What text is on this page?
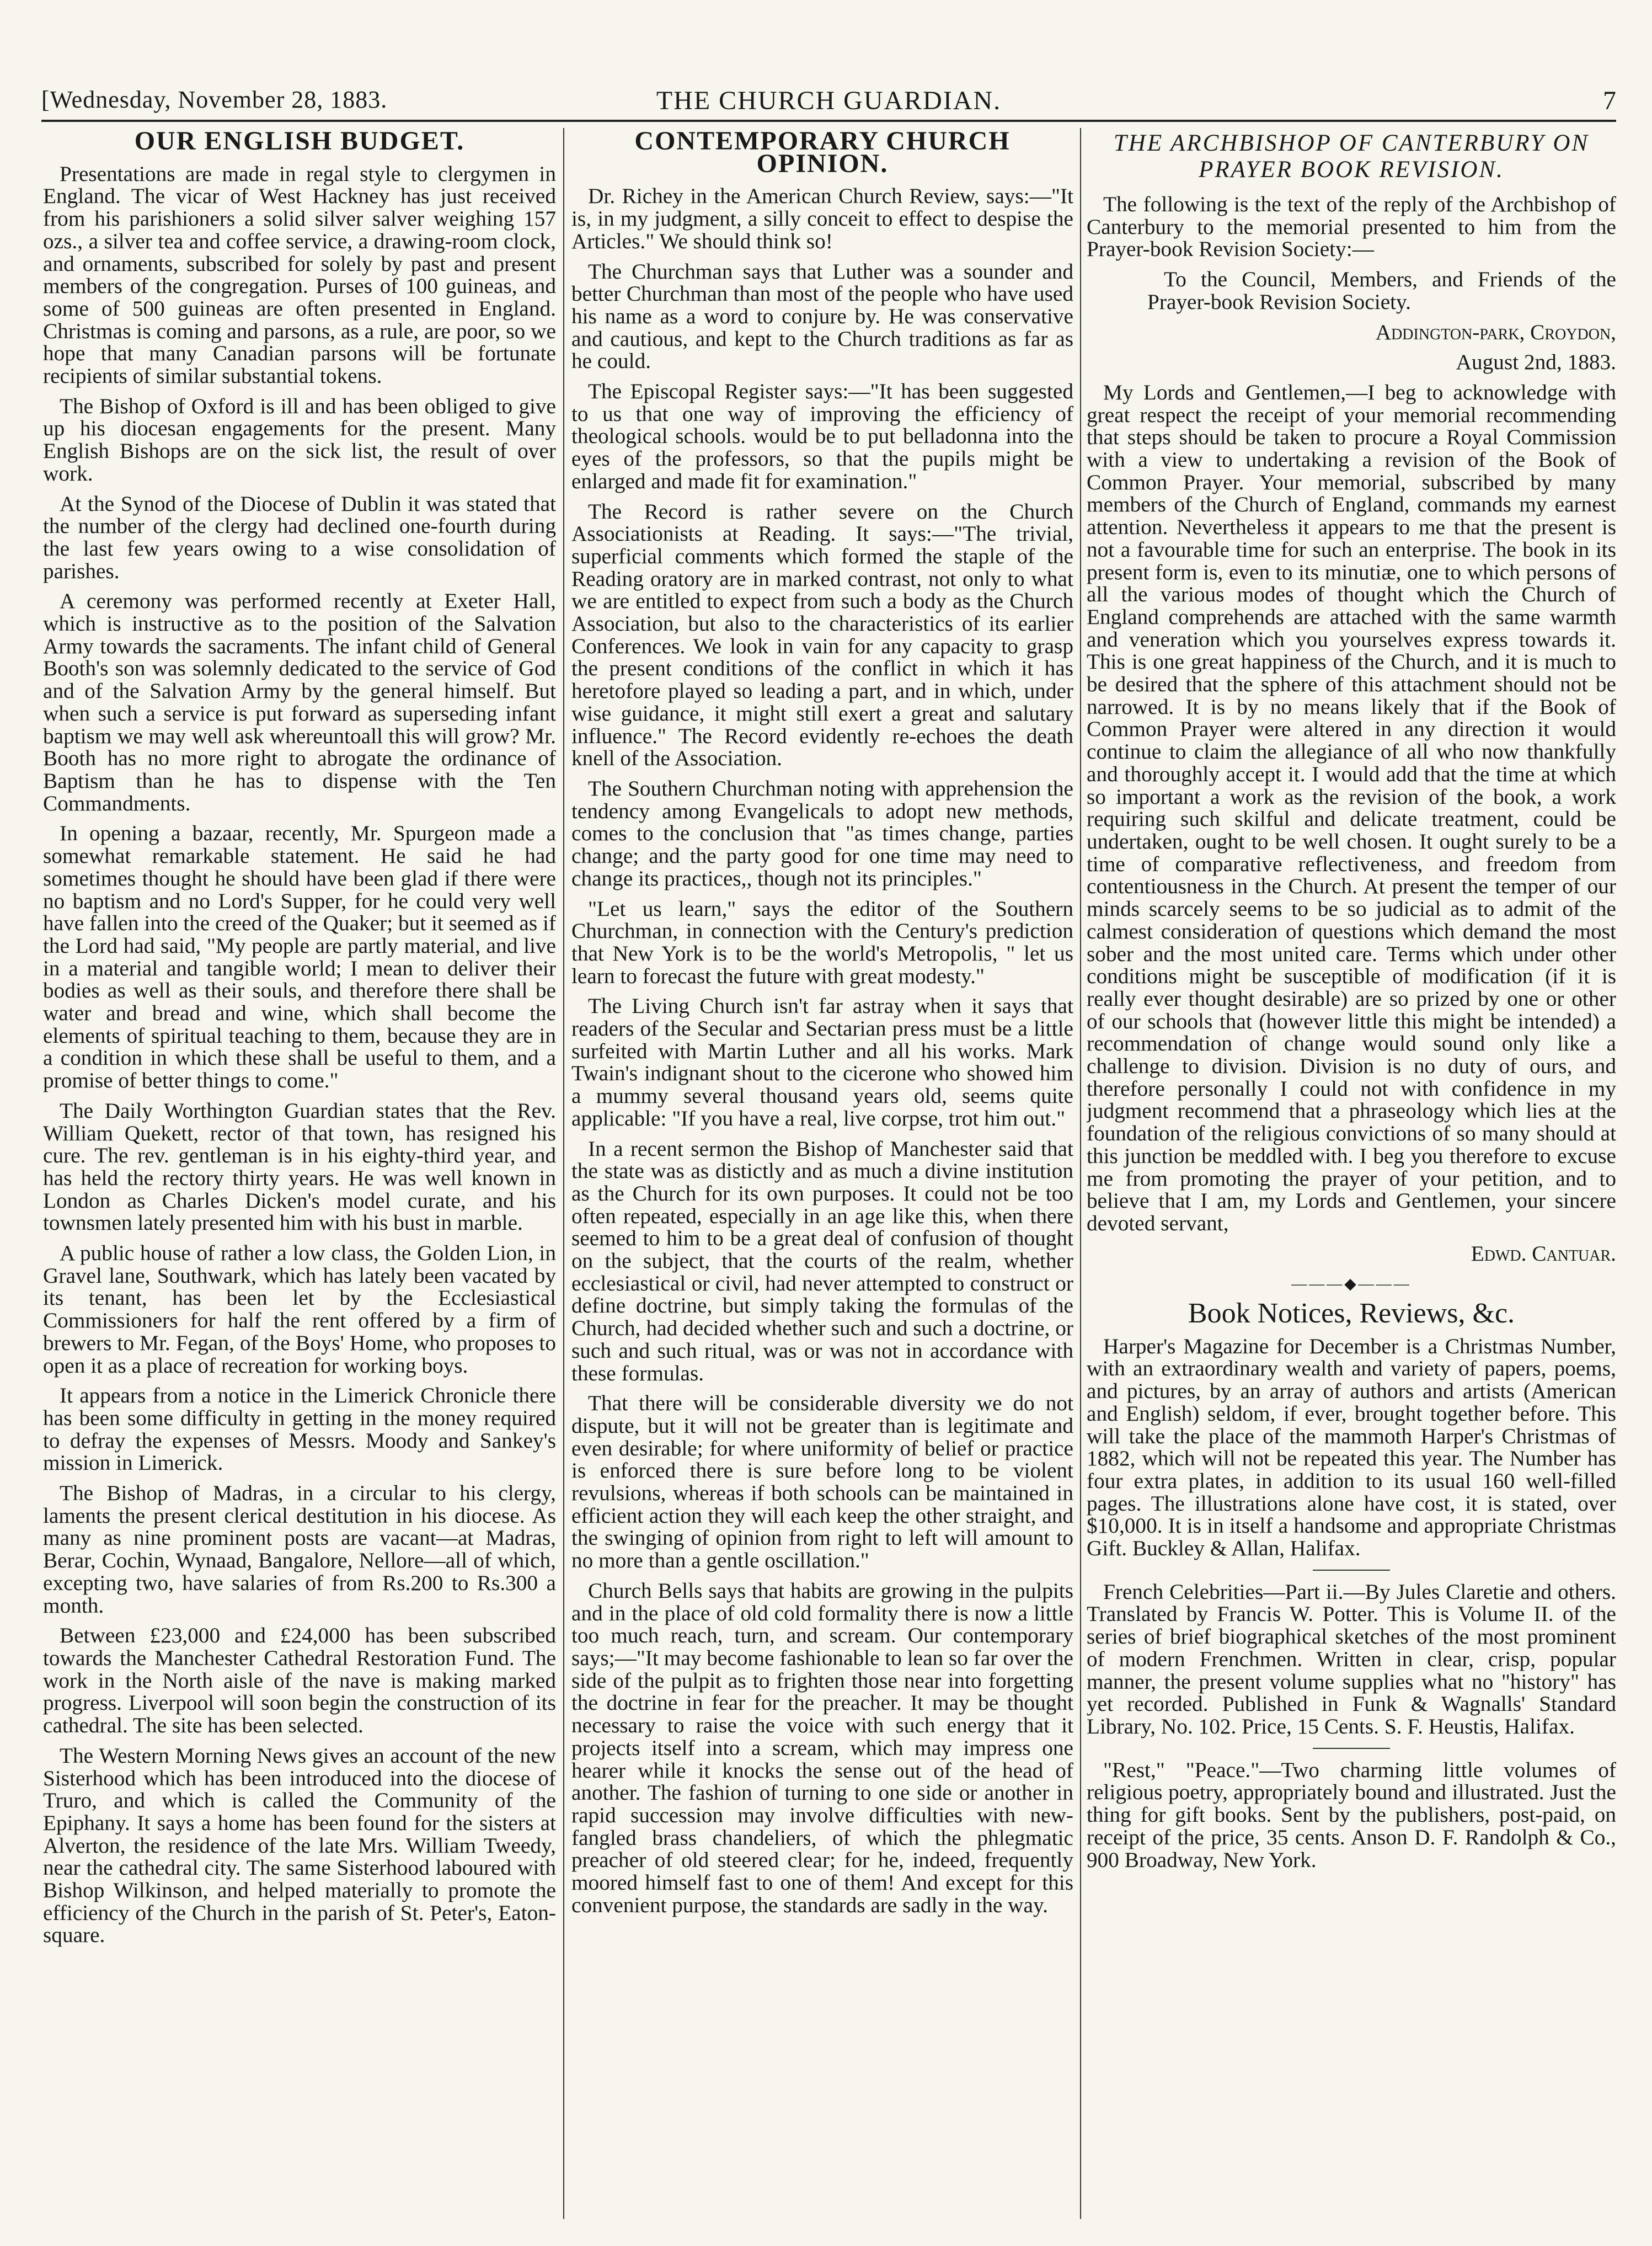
[Wednesday, November 28, 1883.	THE CHURCH GUARDIAN.	7
OUR ENGLISH BUDGET.

Presentations are made in regal style to clergymen in England. The vicar of West Hackney has just received from his parishioners a solid silver salver weighing 157 ozs., a silver tea and coffee service, a drawing-room clock, and ornaments, subscribed for solely by past and present members of the congregation. Purses of 100 guineas, and some of 500 guineas are often presented in England. Christmas is coming and parsons, as a rule, are poor, so we hope that many Canadian parsons will be fortunate recipients of similar substantial tokens.

The Bishop of Oxford is ill and has been obliged to give up his diocesan engagements for the present. Many English Bishops are on the sick list, the result of over work.

At the Synod of the Diocese of Dublin it was stated that the number of the clergy had declined one-fourth during the last few years owing to a wise consolidation of parishes.

A ceremony was performed recently at Exeter Hall, which is instructive as to the position of the Salvation Army towards the sacraments. The infant child of General Booth's son was solemnly dedicated to the service of God and of the Salvation Army by the general himself. But when such a service is put forward as superseding infant baptism we may well ask whereuntoall this will grow? Mr. Booth has no more right to abrogate the ordinance of Baptism than he has to dispense with the Ten Commandments.

In opening a bazaar, recently, Mr. Spurgeon made a somewhat remarkable statement. He said he had sometimes thought he should have been glad if there were no baptism and no Lord's Supper, for he could very well have fallen into the creed of the Quaker; but it seemed as if the Lord had said, "My people are partly material, and live in a material and tangible world; I mean to deliver their bodies as well as their souls, and therefore there shall be water and bread and wine, which shall become the elements of spiritual teaching to them, because they are in a condition in which these shall be useful to them, and a promise of better things to come."

The Daily Worthington Guardian states that the Rev. William Quekett, rector of that town, has resigned his cure. The rev. gentleman is in his eighty-third year, and has held the rectory thirty years. He was well known in London as Charles Dicken's model curate, and his townsmen lately presented him with his bust in marble.

A public house of rather a low class, the Golden Lion, in Gravel lane, Southwark, which has lately been vacated by its tenant, has been let by the Ecclesiastical Commissioners for half the rent offered by a firm of brewers to Mr. Fegan, of the Boys' Home, who proposes to open it as a place of recreation for working boys.

It appears from a notice in the Limerick Chronicle there has been some difficulty in getting in the money required to defray the expenses of Messrs. Moody and Sankey's mission in Limerick.

The Bishop of Madras, in a circular to his clergy, laments the present clerical destitution in his diocese. As many as nine prominent posts are vacant—at Madras, Berar, Cochin, Wynaad, Bangalore, Nellore—all of which, excepting two, have salaries of from Rs.200 to Rs.300 a month.

Between £23,000 and £24,000 has been subscribed towards the Manchester Cathedral Restoration Fund. The work in the North aisle of the nave is making marked progress. Liverpool will soon begin the construction of its cathedral. The site has been selected.

The Western Morning News gives an account of the new Sisterhood which has been introduced into the diocese of Truro, and which is called the Community of the Epiphany. It says a home has been found for the sisters at Alverton, the residence of the late Mrs. William Tweedy, near the cathedral city. The same Sisterhood laboured with Bishop Wilkinson, and helped materially to promote the efficiency of the Church in the parish of St. Peter's, Eaton-square.

CONTEMPORARY CHURCH OPINION.

Dr. Richey in the American Church Review, says:—"It is, in my judgment, a silly conceit to effect to despise the Articles." We should think so!

The Churchman says that Luther was a sounder and better Churchman than most of the people who have used his name as a word to conjure by. He was conservative and cautious, and kept to the Church traditions as far as he could.

The Episcopal Register says:—"It has been suggested to us that one way of improving the efficiency of theological schools. would be to put belladonna into the eyes of the professors, so that the pupils might be enlarged and made fit for examination."

The Record is rather severe on the Church Associationists at Reading. It says:—"The trivial, superficial comments which formed the staple of the Reading oratory are in marked contrast, not only to what we are entitled to expect from such a body as the Church Association, but also to the characteristics of its earlier Conferences. We look in vain for any capacity to grasp the present conditions of the conflict in which it has heretofore played so leading a part, and in which, under wise guidance, it might still exert a great and salutary influence." The Record evidently re-echoes the death knell of the Association.

The Southern Churchman noting with apprehension the tendency among Evangelicals to adopt new methods, comes to the conclusion that "as times change, parties change; and the party good for one time may need to change its practices,, though not its principles."

"Let us learn," says the editor of the Southern Churchman, in connection with the Century's prediction that New York is to be the world's Metropolis, " let us learn to forecast the future with great modesty."

The Living Church isn't far astray when it says that readers of the Secular and Sectarian press must be a little surfeited with Martin Luther and all his works. Mark Twain's indignant shout to the cicerone who showed him a mummy several thousand years old, seems quite applicable: "If you have a real, live corpse, trot him out."

In a recent sermon the Bishop of Manchester said that the state was as distictly and as much a divine institution as the Church for its own purposes. It could not be too often repeated, especially in an age like this, when there seemed to him to be a great deal of confusion of thought on the subject, that the courts of the realm, whether ecclesiastical or civil, had never attempted to construct or define doctrine, but simply taking the formulas of the Church, had decided whether such and such a doctrine, or such and such ritual, was or was not in accordance with these formulas.

That there will be considerable diversity we do not dispute, but it will not be greater than is legitimate and even desirable; for where uniformity of belief or practice is enforced there is sure before long to be violent revulsions, whereas if both schools can be maintained in efficient action they will each keep the other straight, and the swinging of opinion from right to left will amount to no more than a gentle oscillation."

Church Bells says that habits are growing in the pulpits and in the place of old cold formality there is now a little too much reach, turn, and scream. Our contemporary says;—"It may become fashionable to lean so far over the side of the pulpit as to frighten those near into forgetting the doctrine in fear for the preacher. It may be thought necessary to raise the voice with such energy that it projects itself into a scream, which may impress one hearer while it knocks the sense out of the head of another. The fashion of turning to one side or another in rapid succession may involve difficulties with new-fangled brass chandeliers, of which the phlegmatic preacher of old steered clear; for he, indeed, frequently moored himself fast to one of them! And except for this convenient purpose, the standards are sadly in the way.

THE ARCHBISHOP OF CANTERBURY ON PRAYER BOOK REVISION.

The following is the text of the reply of the Archbishop of Canterbury to the memorial presented to him from the Prayer-book Revision Society:—

To the Council, Members, and Friends of the Prayer-book Revision Society.

Addington-park, Croydon,

August 2nd, 1883.

My Lords and Gentlemen,—I beg to acknowledge with great respect the receipt of your memorial recommending that steps should be taken to procure a Royal Commission with a view to undertaking a revision of the Book of Common Prayer. Your memorial, subscribed by many members of the Church of England, commands my earnest attention. Nevertheless it appears to me that the present is not a favourable time for such an enterprise. The book in its present form is, even to its minutiæ, one to which persons of all the various modes of thought which the Church of England comprehends are attached with the same warmth and veneration which you yourselves express towards it. This is one great happiness of the Church, and it is much to be desired that the sphere of this attachment should not be narrowed. It is by no means likely that if the Book of Common Prayer were altered in any direction it would continue to claim the allegiance of all who now thankfully and thoroughly accept it. I would add that the time at which so important a work as the revision of the book, a work requiring such skilful and delicate treatment, could be undertaken, ought to be well chosen. It ought surely to be a time of comparative reflectiveness, and freedom from contentiousness in the Church. At present the temper of our minds scarcely seems to be so judicial as to admit of the calmest consideration of questions which demand the most sober and the most united care. Terms which under other conditions might be susceptible of modification (if it is really ever thought desirable) are so prized by one or other of our schools that (however little this might be intended) a recommendation of change would sound only like a challenge to division. Division is no duty of ours, and therefore personally I could not with confidence in my judgment recommend that a phraseology which lies at the foundation of the religious convictions of so many should at this junction be meddled with. I beg you therefore to excuse me from promoting the prayer of your petition, and to believe that I am, my Lords and Gentlemen, your sincere devoted servant,

Edwd. Cantuar.

———◆———
Book Notices, Reviews, &c.

Harper's Magazine for December is a Christmas Number, with an extraordinary wealth and variety of papers, poems, and pictures, by an array of authors and artists (American and English) seldom, if ever, brought together before. This will take the place of the mammoth Harper's Christmas of 1882, which will not be repeated this year. The Number has four extra plates, in addition to its usual 160 well-filled pages. The illustrations alone have cost, it is stated, over $10,000. It is in itself a handsome and appropriate Christmas Gift. Buckley & Allan, Halifax.

French Celebrities—Part ii.—By Jules Claretie and others. Translated by Francis W. Potter. This is Volume II. of the series of brief biographical sketches of the most prominent of modern Frenchmen. Written in clear, crisp, popular manner, the present volume supplies what no "history" has yet recorded. Published in Funk & Wagnalls' Standard Library, No. 102. Price, 15 Cents. S. F. Heustis, Halifax.

"Rest," "Peace."—Two charming little volumes of religious poetry, appropriately bound and illustrated. Just the thing for gift books. Sent by the publishers, post-paid, on receipt of the price, 35 cents. Anson D. F. Randolph & Co., 900 Broadway, New York.
